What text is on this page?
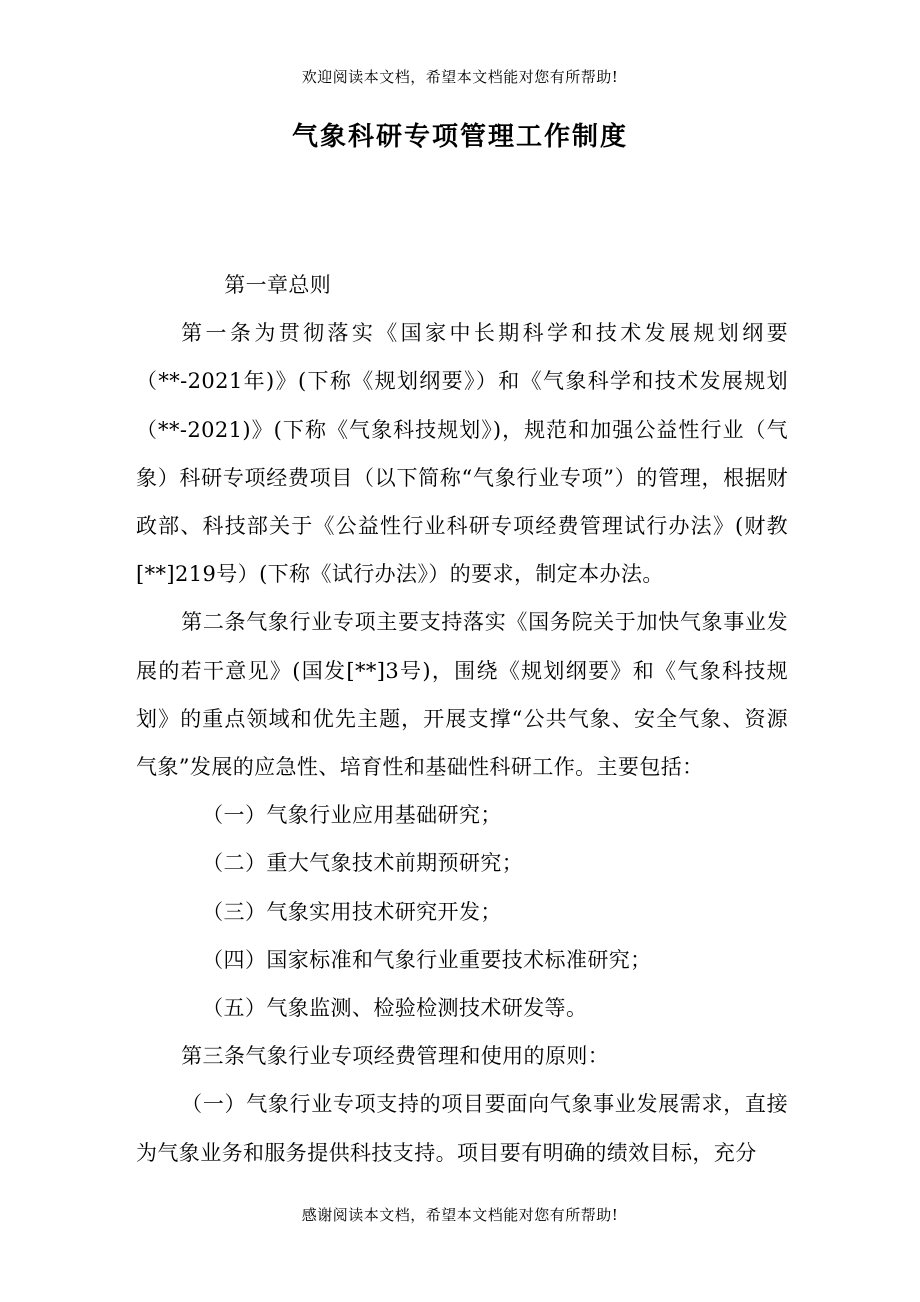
欢迎阅读本文档，希望本文档能对您有所帮助!
气象科研专项管理工作制度

第一章总则

第一条为贯彻落实《国家中长期科学和技术发展规划纲要（**-2021年)》(下称《规划纲要》）和《气象科学和技术发展规划（**-2021)》(下称《气象科技规划》)，规范和加强公益性行业（气象）科研专项经费项目（以下简称“气象行业专项”）的管理，根据财政部、科技部关于《公益性行业科研专项经费管理试行办法》(财教[**]219号）(下称《试行办法》）的要求，制定本办法。

第二条气象行业专项主要支持落实《国务院关于加快气象事业发展的若干意见》(国发[**]3号)，围绕《规划纲要》和《气象科技规划》的重点领域和优先主题，开展支撑“公共气象、安全气象、资源气象”发展的应急性、培育性和基础性科研工作。主要包括：

（一）气象行业应用基础研究；

（二）重大气象技术前期预研究；

（三）气象实用技术研究开发；

（四）国家标准和气象行业重要技术标准研究；

（五）气象监测、检验检测技术研发等。

第三条气象行业专项经费管理和使用的原则：

（一）气象行业专项支持的项目要面向气象事业发展需求，直接为气象业务和服务提供科技支持。项目要有明确的绩效目标，充分

感谢阅读本文档，希望本文档能对您有所帮助!
